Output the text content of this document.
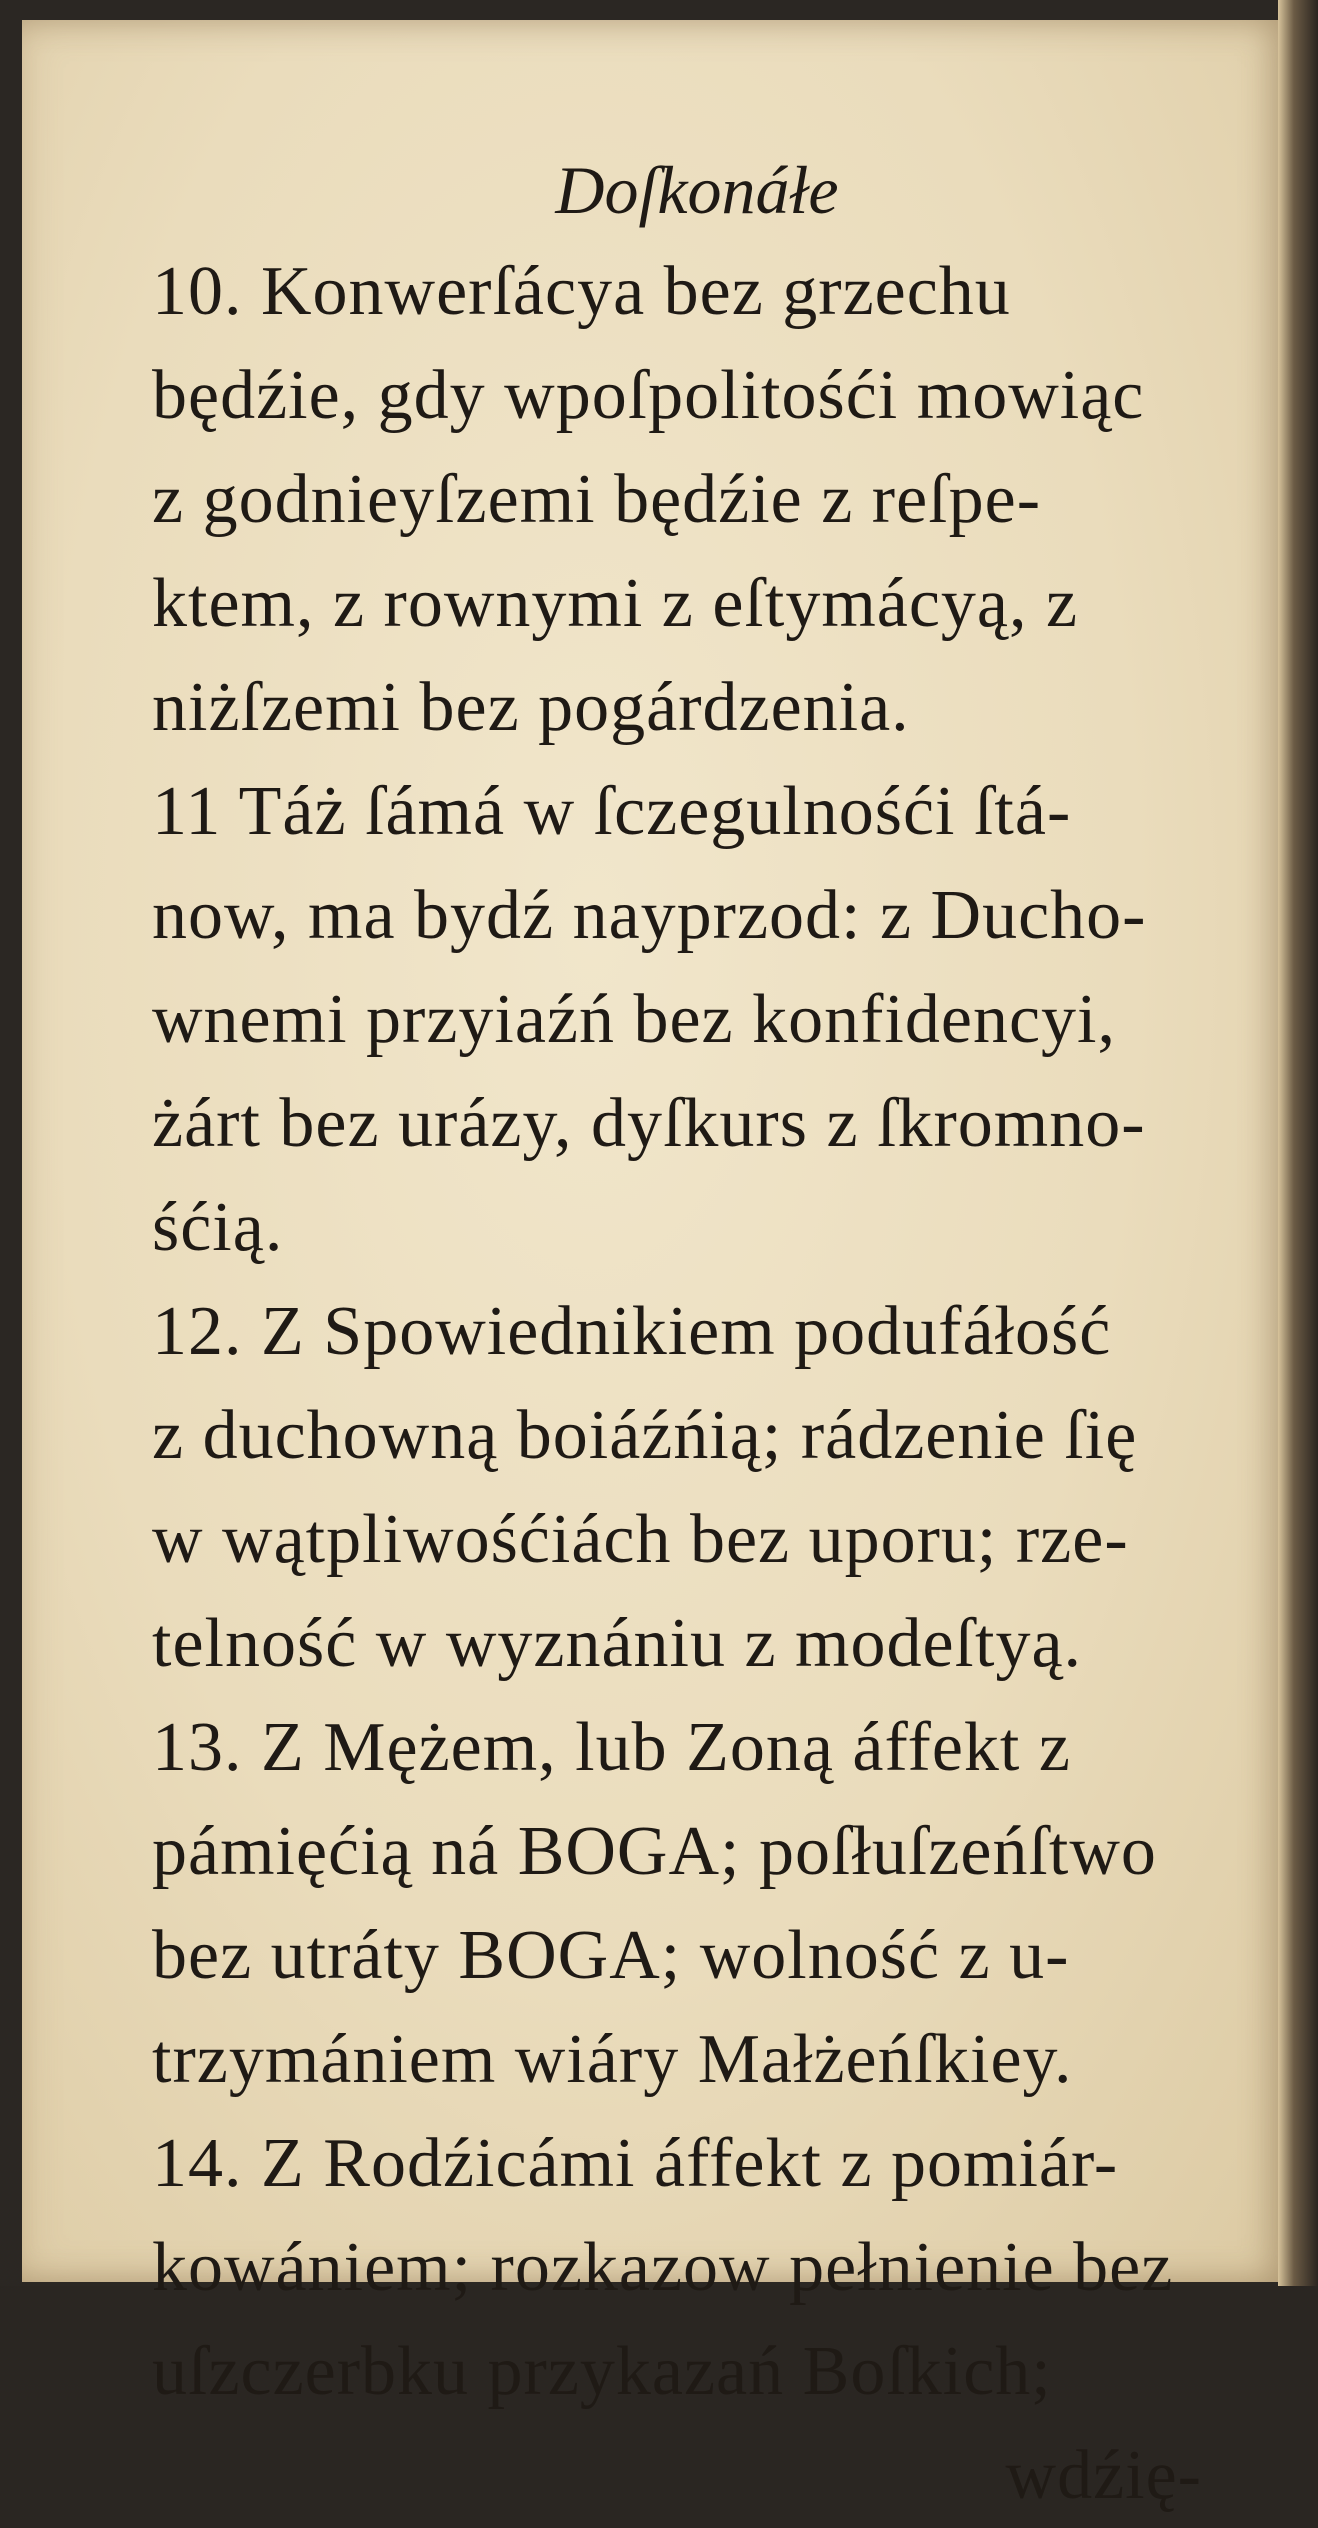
Doſkonáłe
10. Konwerſácya bez grzechu
będźie, gdy wpoſpolitośći mowiąc
z godnieyſzemi będźie z reſpe-
ktem, z rownymi z eſtymácyą, z
niżſzemi bez pogárdzenia.
11 Táż ſámá w ſczegulnośći ſtá-
now, ma bydź nayprzod: z Ducho-
wnemi przyiaźń bez konfidencyi,
żárt bez urázy, dyſkurs z ſkromno-
śćią.
12. Z Spowiednikiem podufáłość
z duchowną boiáźńią; rádzenie ſię
w wątpliwośćiách bez uporu; rze-
telność w wyznániu z modeſtyą.
13. Z Mężem, lub Zoną áffekt z
pámięćią ná BOGA; poſłuſzeńſtwo
bez utráty BOGA; wolność z u-
trzymániem wiáry Małżeńſkiey.
14. Z Rodźicámi áffekt z pomiár-
kowániem; rozkazow pełnienie bez
uſzczerbku przykazań Boſkich;
wdźię-
